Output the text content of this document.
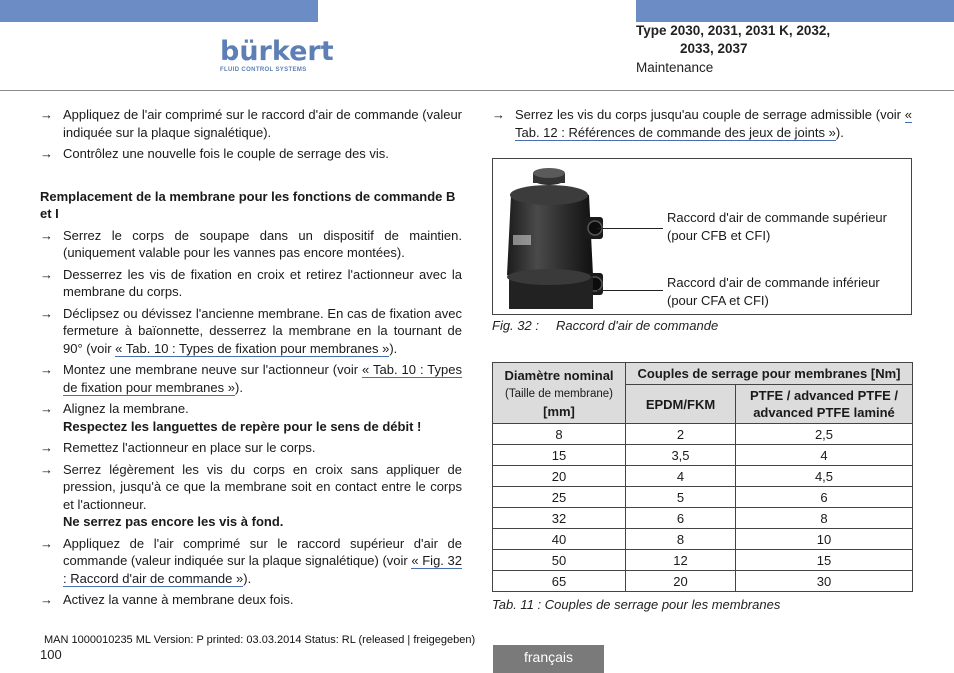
bürkert
FLUID CONTROL SYSTEMS
Type 2030, 2031, 2031 K, 2032,
2033, 2037
Maintenance
→ Appliquez de l'air comprimé sur le raccord d'air de commande (valeur indiquée sur la plaque signalétique).
→ Contrôlez une nouvelle fois le couple de serrage des vis.
Remplacement de la membrane pour les fonctions de commande B et I
→ Serrez le corps de soupape dans un dispositif de maintien. (uniquement valable pour les vannes pas encore montées).
→ Desserrez les vis de fixation en croix et retirez l'actionneur avec la membrane du corps.
→ Déclipsez ou dévissez l'ancienne membrane. En cas de fixation avec fermeture à baïonnette, desserrez la membrane en la tournant de 90° (voir « Tab. 10 : Types de fixation pour membranes »).
→ Montez une membrane neuve sur l'actionneur (voir « Tab. 10 : Types de fixation pour membranes »).
→ Alignez la membrane.
Respectez les languettes de repère pour le sens de débit !
→ Remettez l'actionneur en place sur le corps.
→ Serrez légèrement les vis du corps en croix sans appliquer de pression, jusqu'à ce que la membrane soit en contact entre le corps et l'actionneur.
Ne serrez pas encore les vis à fond.
→ Appliquez de l'air comprimé sur le raccord supérieur d'air de commande (valeur indiquée sur la plaque signalétique) (voir « Fig. 32 : Raccord d'air de commande »).
→ Activez la vanne à membrane deux fois.
→ Serrez les vis du corps jusqu'au couple de serrage admissible (voir « Tab. 12 : Références de commande des jeux de joints »).
Raccord d'air de commande supérieur
(pour CFB et CFI)
Raccord d'air de commande inférieur
(pour CFA et CFI)
Fig. 32 : Raccord d'air de commande
Diamètre nominal
(Taille de membrane)
[mm]	Couples de serrage pour membranes [Nm]	
	EPDM/FKM	PTFE / advanced PTFE / advanced PTFE laminé
8	2	2,5
15	3,5	4
20	4	4,5
25	5	6
32	6	8
40	8	10
50	12	15
65	20	30
Tab. 11 : Couples de serrage pour les membranes
MAN 1000010235 ML Version: P printed: 03.03.2014 Status: RL (released | freigegeben)
100	français
